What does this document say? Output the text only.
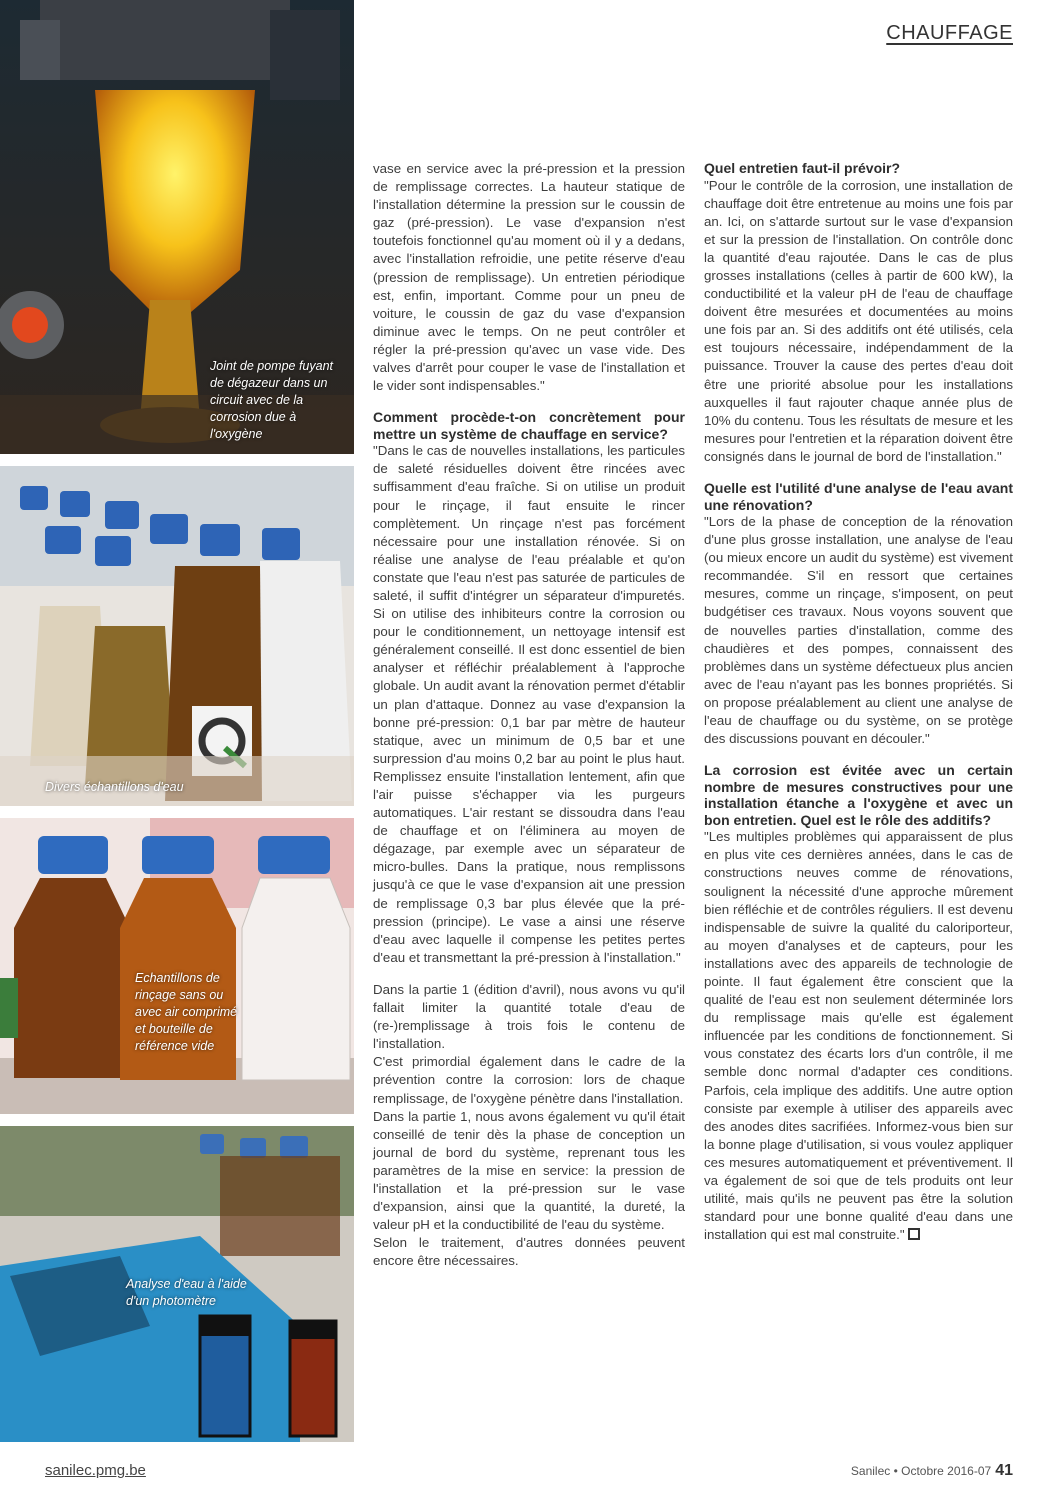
CHAUFFAGE
Joint de pompe fuyant de dégazeur dans un circuit avec de la corrosion due à l'oxygène
Divers échantillons d'eau
Echantillons de rinçage sans ou avec air comprimé et bouteille de référence vide
Analyse d'eau à l'aide d'un photomètre

vase en service avec la pré-pression et la pression de remplissage correctes. La hauteur statique de l'installation détermine la pression sur le coussin de gaz (pré-pression). Le vase d'expansion n'est toutefois fonctionnel qu'au moment où il y a dedans, avec l'installation refroidie, une petite réserve d'eau (pression de remplissage). Un entretien périodique est, enfin, important. Comme pour un pneu de voiture, le coussin de gaz du vase d'expansion diminue avec le temps. On ne peut contrôler et régler la pré-pression qu'avec un vase vide. Des valves d'arrêt pour couper le vase de l'installation et le vider sont indispensables."

Comment procède-t-on concrètement pour mettre un système de chauffage en service?

"Dans le cas de nouvelles installations, les particules de saleté résiduelles doivent être rincées avec suffisamment d'eau fraîche. Si on utilise un produit pour le rinçage, il faut ensuite le rincer complètement. Un rinçage n'est pas forcément nécessaire pour une installation rénovée. Si on réalise une analyse de l'eau préalable et qu'on constate que l'eau n'est pas saturée de particules de saleté, il suffit d'intégrer un séparateur d'impuretés. Si on utilise des inhibiteurs contre la corrosion ou pour le conditionnement, un nettoyage intensif est généralement conseillé. Il est donc essentiel de bien analyser et réfléchir préalablement à l'approche globale. Un audit avant la rénovation permet d'établir un plan d'attaque. Donnez au vase d'expansion la bonne pré-pression: 0,1 bar par mètre de hauteur statique, avec un minimum de 0,5 bar et une surpression d'au moins 0,2 bar au point le plus haut. Remplissez ensuite l'installation lentement, afin que l'air puisse s'échapper via les purgeurs automatiques. L'air restant se dissoudra dans l'eau de chauffage et on l'éliminera au moyen de dégazage, par exemple avec un séparateur de micro-bulles. Dans la pratique, nous remplissons jusqu'à ce que le vase d'expansion ait une pression de remplissage 0,3 bar plus élevée que la pré-pression (principe). Le vase a ainsi une réserve d'eau avec laquelle il compense les petites pertes d'eau et transmettant la pré-pression à l'installation."

Dans la partie 1 (édition d'avril), nous avons vu qu'il fallait limiter la quantité totale d'eau de (re-)remplissage à trois fois le contenu de l'installation.

C'est primordial également dans le cadre de la prévention contre la corrosion: lors de chaque remplissage, de l'oxygène pénètre dans l'installation.

Dans la partie 1, nous avons également vu qu'il était conseillé de tenir dès la phase de conception un journal de bord du système, reprenant tous les paramètres de la mise en service: la pression de l'installation et la pré-pression sur le vase d'expansion, ainsi que la quantité, la dureté, la valeur pH et la conductibilité de l'eau du système.

Selon le traitement, d'autres données peuvent encore être nécessaires.

Quel entretien faut-il prévoir?

"Pour le contrôle de la corrosion, une installation de chauffage doit être entretenue au moins une fois par an. Ici, on s'attarde surtout sur le vase d'expansion et sur la pression de l'installation. On contrôle donc la quantité d'eau rajoutée. Dans le cas de plus grosses installations (celles à partir de 600 kW), la conductibilité et la valeur pH de l'eau de chauffage doivent être mesurées et documentées au moins une fois par an. Si des additifs ont été utilisés, cela est toujours nécessaire, indépendamment de la puissance. Trouver la cause des pertes d'eau doit être une priorité absolue pour les installations auxquelles il faut rajouter chaque année plus de 10% du contenu. Tous les résultats de mesure et les mesures pour l'entretien et la réparation doivent être consignés dans le journal de bord de l'installation."

Quelle est l'utilité d'une analyse de l'eau avant une rénovation?

"Lors de la phase de conception de la rénovation d'une plus grosse installation, une analyse de l'eau (ou mieux encore un audit du système) est vivement recommandée. S'il en ressort que certaines mesures, comme un rinçage, s'imposent, on peut budgétiser ces travaux. Nous voyons souvent que de nouvelles parties d'installation, comme des chaudières et des pompes, connaissent des problèmes dans un système défectueux plus ancien avec de l'eau n'ayant pas les bonnes propriétés. Si on propose préalablement au client une analyse de l'eau de chauffage ou du système, on se protège des discussions pouvant en découler."

La corrosion est évitée avec un certain nombre de mesures constructives pour une installation étanche a l'oxygène et avec un bon entretien. Quel est le rôle des additifs?

"Les multiples problèmes qui apparaissent de plus en plus vite ces dernières années, dans le cas de constructions neuves comme de rénovations, soulignent la nécessité d'une approche mûrement bien réfléchie et de contrôles réguliers. Il est devenu indispensable de suivre la qualité du caloriporteur, au moyen d'analyses et de capteurs, pour les installations avec des appareils de technologie de pointe. Il faut également être conscient que la qualité de l'eau est non seulement déterminée lors du remplissage mais qu'elle est également influencée par les conditions de fonctionnement. Si vous constatez des écarts lors d'un contrôle, il me semble donc normal d'adapter ces conditions. Parfois, cela implique des additifs. Une autre option consiste par exemple à utiliser des appareils avec des anodes dites sacrifiées. Informez-vous bien sur la bonne plage d'utilisation, si vous voulez appliquer ces mesures automatiquement et préventivement. Il va également de soi que de tels produits ont leur utilité, mais qu'ils ne peuvent pas être la solution standard pour une bonne qualité d'eau dans une installation qui est mal construite."

sanilec.pmg.be	Sanilec • Octobre 2016-07 41
